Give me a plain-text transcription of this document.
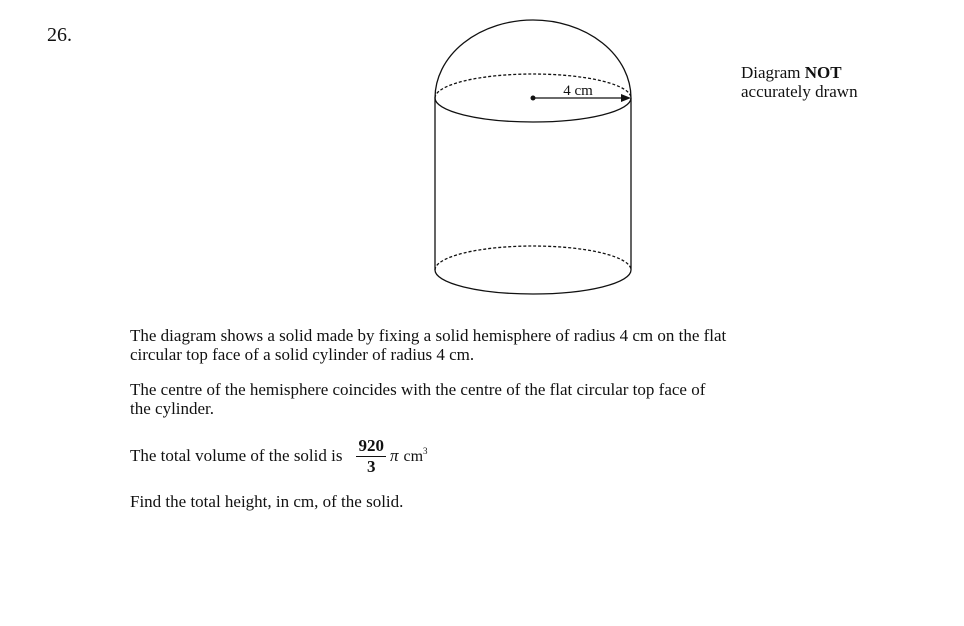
26.
4 cm
Diagram NOT
accurately drawn
The diagram shows a solid made by fixing a solid hemisphere of radius 4 cm on the flat
circular top face of a solid cylinder of radius 4 cm.
The centre of the hemisphere coincides with the centre of the flat circular top face of
the cylinder.
The total volume of the solid is $\frac{920}{3}$ π $cm^3$
Find the total height, in cm, of the solid.
